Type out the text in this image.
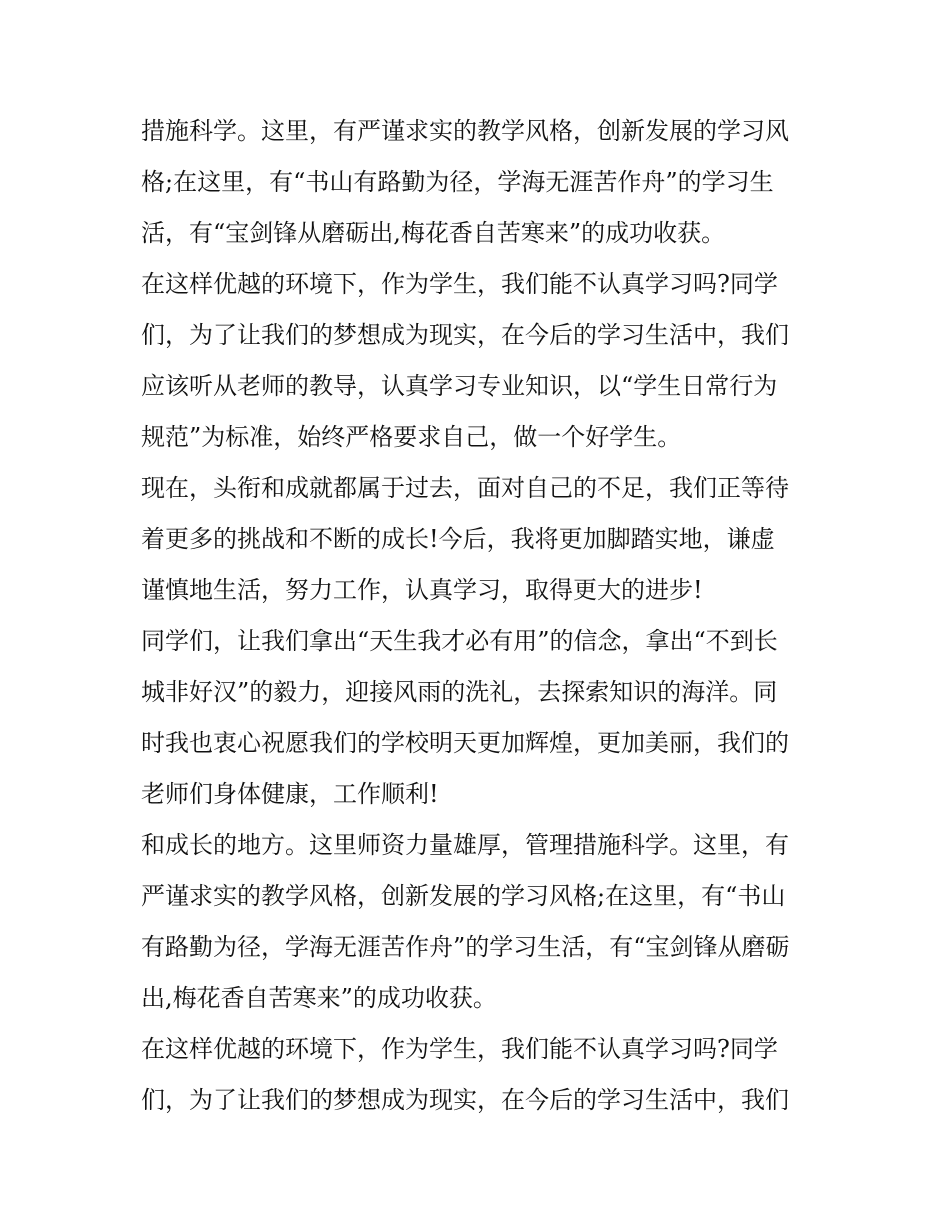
措施科学。这里，有严谨求实的教学风格，创新发展的学习风
格;在这里，有“书山有路勤为径，学海无涯苦作舟”的学习生
活，有“宝剑锋从磨砺出,梅花香自苦寒来”的成功收获。
在这样优越的环境下，作为学生，我们能不认真学习吗?同学
们，为了让我们的梦想成为现实，在今后的学习生活中，我们
应该听从老师的教导，认真学习专业知识，以“学生日常行为
规范”为标准，始终严格要求自己，做一个好学生。
现在，头衔和成就都属于过去，面对自己的不足，我们正等待
着更多的挑战和不断的成长!今后，我将更加脚踏实地，谦虚
谨慎地生活，努力工作，认真学习，取得更大的进步!
同学们，让我们拿出“天生我才必有用”的信念，拿出“不到长
城非好汉”的毅力，迎接风雨的洗礼，去探索知识的海洋。同
时我也衷心祝愿我们的学校明天更加辉煌，更加美丽，我们的
老师们身体健康，工作顺利!
和成长的地方。这里师资力量雄厚，管理措施科学。这里，有
严谨求实的教学风格，创新发展的学习风格;在这里，有“书山
有路勤为径，学海无涯苦作舟”的学习生活，有“宝剑锋从磨砺
出,梅花香自苦寒来”的成功收获。
在这样优越的环境下，作为学生，我们能不认真学习吗?同学
们，为了让我们的梦想成为现实，在今后的学习生活中，我们
